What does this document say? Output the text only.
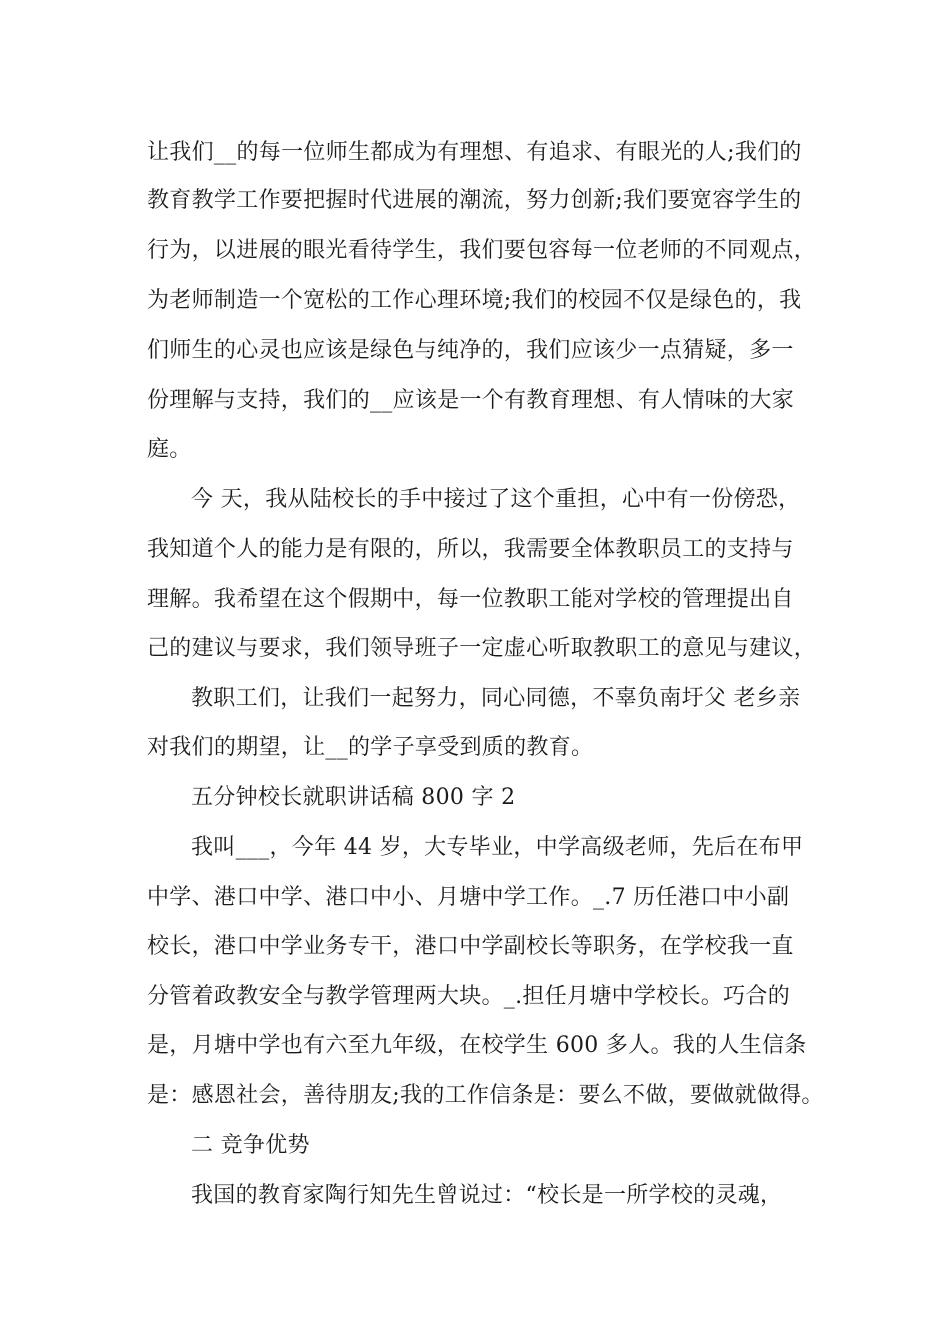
让我们__的每一位师生都成为有理想、有追求、有眼光的人;我们的
教育教学工作要把握时代进展的潮流，努力创新;我们要宽容学生的
行为，以进展的眼光看待学生，我们要包容每一位老师的不同观点，
为老师制造一个宽松的工作心理环境;我们的校园不仅是绿色的，我
们师生的心灵也应该是绿色与纯净的，我们应该少一点猜疑，多一
份理解与支持，我们的__应该是一个有教育理想、有人情味的大家
庭。
今 天，我从陆校长的手中接过了这个重担，心中有一份傍恐，
我知道个人的能力是有限的，所以，我需要全体教职员工的支持与
理解。我希望在这个假期中，每一位教职工能对学校的管理提出自
己的建议与要求，我们领导班子一定虚心听取教职工的意见与建议，
教职工们，让我们一起努力，同心同德，不辜负南圩父 老乡亲
对我们的期望，让__的学子享受到质的教育。
五分钟校长就职讲话稿 800 字 2
我叫___，今年 44 岁，大专毕业，中学高级老师，先后在布甲
中学、港口中学、港口中小、月塘中学工作。_.7 历任港口中小副
校长，港口中学业务专干，港口中学副校长等职务，在学校我一直
分管着政教安全与教学管理两大块。_.担任月塘中学校长。巧合的
是，月塘中学也有六至九年级，在校学生 600 多人。我的人生信条
是：感恩社会，善待朋友;我的工作信条是：要么不做，要做就做得。
二 竞争优势
我国的教育家陶行知先生曾说过：“校长是一所学校的灵魂，
